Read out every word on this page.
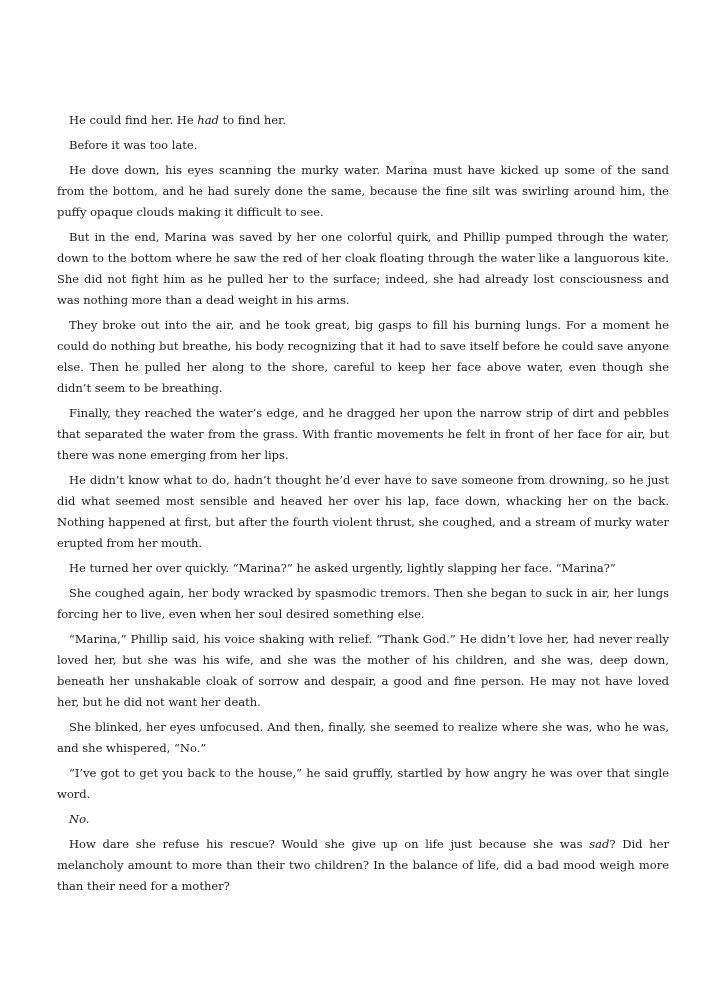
He could find her. He had to find her.

Before it was too late.

He dove down, his eyes scanning the murky water. Marina must have kicked up some of the sand from the bottom, and he had surely done the same, because the fine silt was swirling around him, the puffy opaque clouds making it difficult to see.

But in the end, Marina was saved by her one colorful quirk, and Phillip pumped through the water, down to the bottom where he saw the red of her cloak floating through the water like a languorous kite. She did not fight him as he pulled her to the surface; indeed, she had already lost consciousness and was nothing more than a dead weight in his arms.

They broke out into the air, and he took great, big gasps to fill his burning lungs. For a moment he could do nothing but breathe, his body recognizing that it had to save itself before he could save anyone else. Then he pulled her along to the shore, careful to keep her face above water, even though she didn’t seem to be breathing.

Finally, they reached the water’s edge, and he dragged her upon the narrow strip of dirt and pebbles that separated the water from the grass. With frantic movements he felt in front of her face for air, but there was none emerging from her lips.

He didn’t know what to do, hadn’t thought he’d ever have to save someone from drowning, so he just did what seemed most sensible and heaved her over his lap, face down, whacking her on the back. Nothing happened at first, but after the fourth violent thrust, she coughed, and a stream of murky water erupted from her mouth.

He turned her over quickly. “Marina?” he asked urgently, lightly slapping her face. “Marina?”

She coughed again, her body wracked by spasmodic tremors. Then she began to suck in air, her lungs forcing her to live, even when her soul desired something else.

“Marina,” Phillip said, his voice shaking with relief. “Thank God.” He didn’t love her, had never really loved her, but she was his wife, and she was the mother of his children, and she was, deep down, beneath her unshakable cloak of sorrow and despair, a good and fine person. He may not have loved her, but he did not want her death.

She blinked, her eyes unfocused. And then, finally, she seemed to realize where she was, who he was, and she whispered, “No.”

“I’ve got to get you back to the house,” he said gruffly, startled by how angry he was over that single word.

No.

How dare she refuse his rescue? Would she give up on life just because she was sad? Did her melancholy amount to more than their two children? In the balance of life, did a bad mood weigh more than their need for a mother?
